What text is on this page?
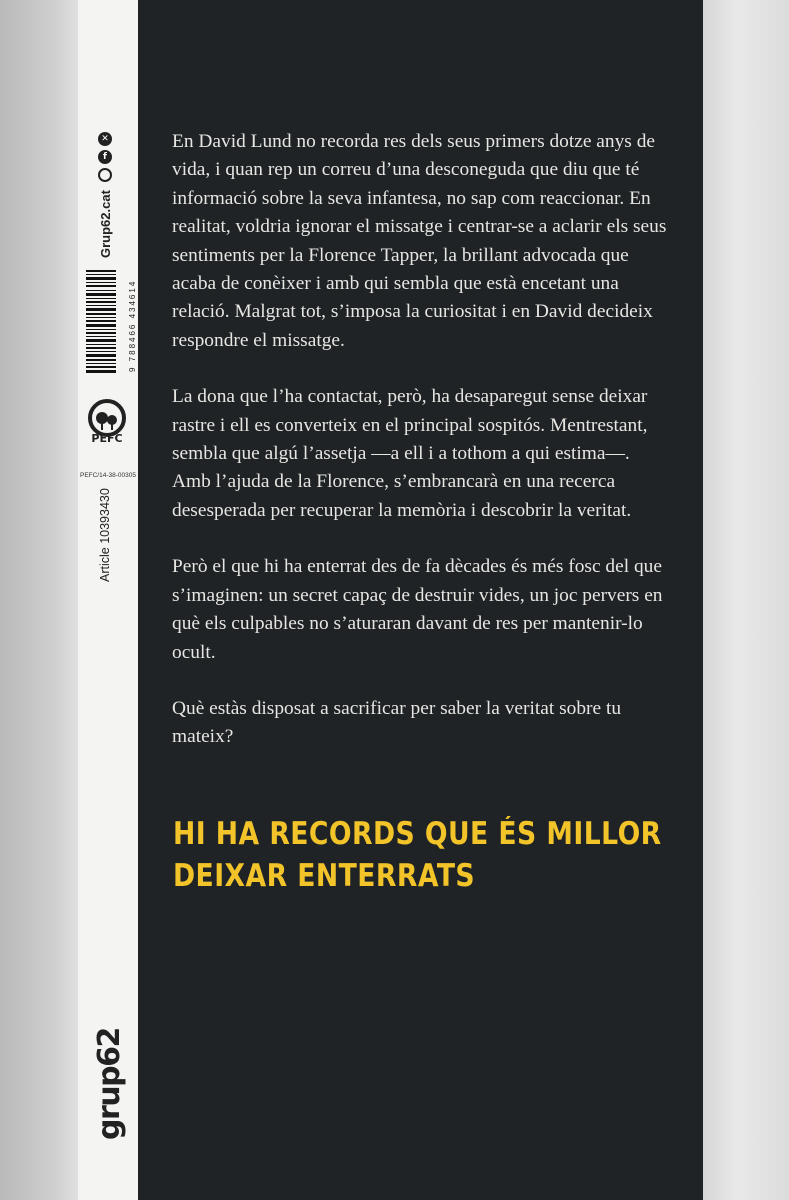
✕
f
Grup62.cat
9 788466 434614
PEFC
PEFC/14-38-00305
Article 10393430
grup62

En David Lund no recorda res dels seus primers dotze anys de vida, i quan rep un correu d’una desconeguda que diu que té informació sobre la seva infantesa, no sap com reaccionar. En realitat, voldria ignorar el missatge i centrar-se a aclarir els seus sentiments per la Florence Tapper, la brillant advocada que acaba de conèixer i amb qui sembla que està encetant una relació. Malgrat tot, s’imposa la curiositat i en David decideix respondre el missatge.

La dona que l’ha contactat, però, ha desaparegut sense deixar rastre i ell es converteix en el principal sospitós. Mentrestant, sembla que algú l’assetja —a ell i a tothom a qui estima—. Amb l’ajuda de la Florence, s’embrancarà en una recerca desesperada per recuperar la memòria i descobrir la veritat.

Però el que hi ha enterrat des de fa dècades és més fosc del que s’imaginen: un secret capaç de destruir vides, un joc pervers en què els culpables no s’aturaran davant de res per mantenir-lo ocult.

Què estàs disposat a sacrificar per saber la veritat sobre tu mateix?

HI HA RECORDS QUE ÉS MILLOR
DEIXAR ENTERRATS
